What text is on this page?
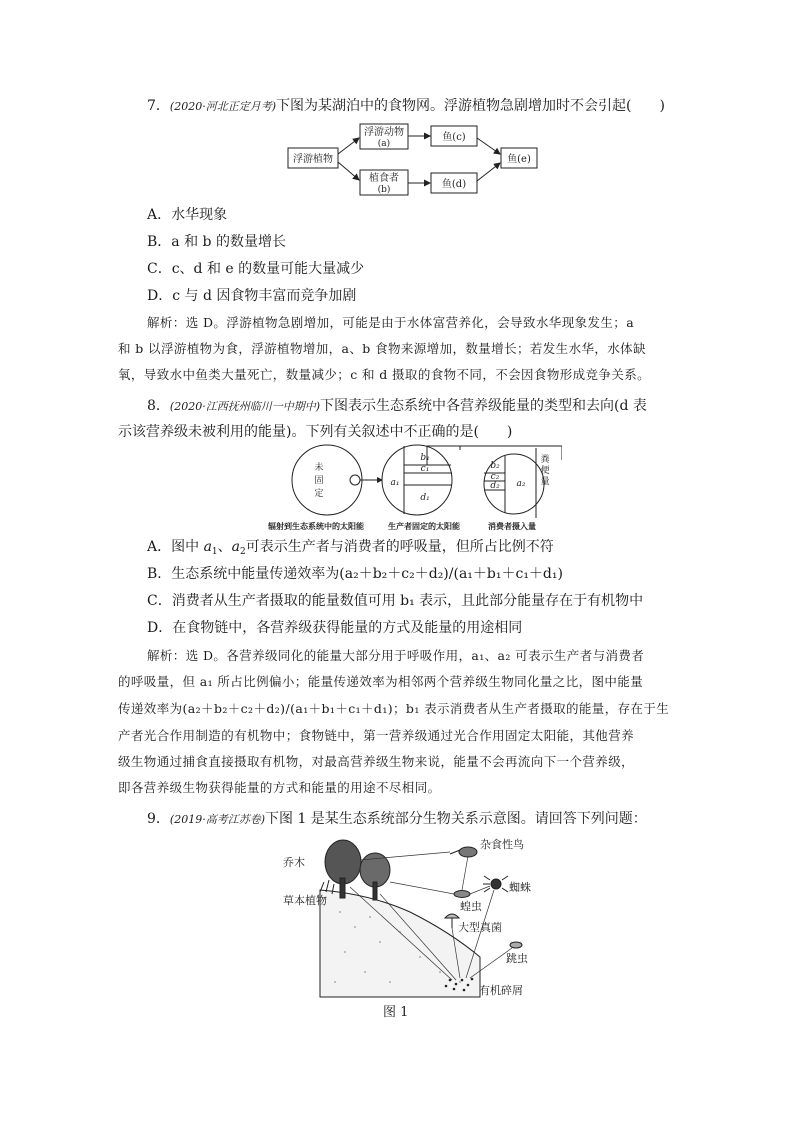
7．(2020·河北正定月考)下图为某湖泊中的食物网。浮游植物急剧增加时不会引起(　　)
浮游植物
浮游动物
(a)
植食者
(b)
鱼(c)
鱼(d)
鱼(e)
A．水华现象
B．a 和 b 的数量增长
C．c、d 和 e 的数量可能大量减少
D．c 与 d 因食物丰富而竞争加剧
解析：选 D。浮游植物急剧增加，可能是由于水体富营养化，会导致水华现象发生；a
和 b 以浮游植物为食，浮游植物增加，a、b 食物来源增加，数量增长；若发生水华，水体缺
氧，导致水中鱼类大量死亡，数量减少；c 和 d 摄取的食物不同，不会因食物形成竞争关系。
8．(2020·江西抚州临川一中期中)下图表示生态系统中各营养级能量的类型和去向(d 表
示该营养级未被利用的能量)。下列有关叙述中不正确的是(　　)
未
固
定
a₁
b₁
c₁
d₁
b₂
c₂
d₂ a₂
粪
便
量
辐射到生态系统中的太阳能	生产者固定的太阳能	消费者摄入量
A．图中 $a_1$、$a_2$可表示生产者与消费者的呼吸量，但所占比例不符
B．生态系统中能量传递效率为(a₂＋b₂＋c₂＋d₂)/(a₁＋b₁＋c₁＋d₁)
C．消费者从生产者摄取的能量数值可用 b₁ 表示，且此部分能量存在于有机物中
D．在食物链中，各营养级获得能量的方式及能量的用途相同
解析：选 D。各营养级同化的能量大部分用于呼吸作用，a₁、a₂ 可表示生产者与消费者
的呼吸量，但 a₁ 所占比例偏小；能量传递效率为相邻两个营养级生物同化量之比，图中能量
传递效率为(a₂＋b₂＋c₂＋d₂)/(a₁＋b₁＋c₁＋d₁)；b₁ 表示消费者从生产者摄取的能量，存在于生
产者光合作用制造的有机物中；食物链中，第一营养级通过光合作用固定太阳能，其他营养
级生物通过捕食直接摄取有机物，对最高营养级生物来说，能量不会再流向下一个营养级，
即各营养级生物获得能量的方式和能量的用途不尽相同。
9．(2019·高考江苏卷)下图 1 是某生态系统部分生物关系示意图。请回答下列问题：
乔木
草本植物
杂食性鸟
蜘蛛
蝗虫
大型真菌
跳虫
有机碎屑
图 1
